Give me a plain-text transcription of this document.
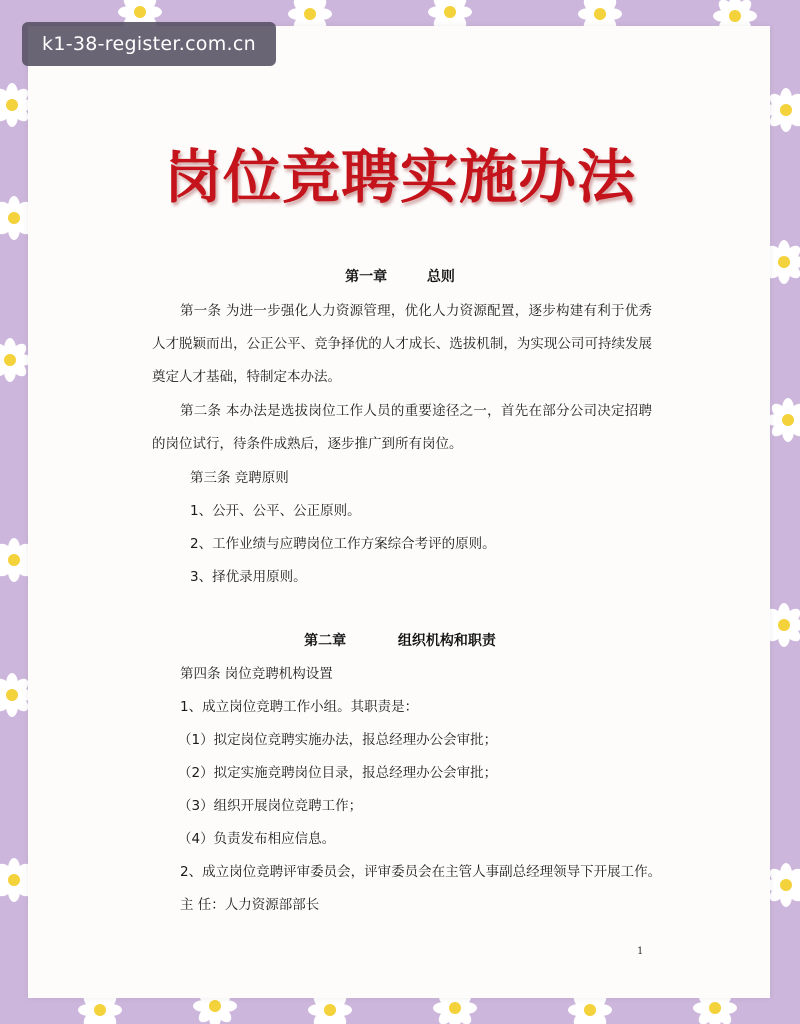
k1-38-register.com.cn
岗位竞聘实施办法
第一章	总则
第一条 为进一步强化人力资源管理，优化人力资源配置，逐步构建有利于优秀人才脱颖而出，公正公平、竞争择优的人才成长、选拔机制，为实现公司可持续发展奠定人才基础，特制定本办法。
第二条 本办法是选拔岗位工作人员的重要途径之一，首先在部分公司决定招聘的岗位试行，待条件成熟后，逐步推广到所有岗位。
第三条 竞聘原则
1、公开、公平、公正原则。
2、工作业绩与应聘岗位工作方案综合考评的原则。
3、择优录用原则。
第二章	组织机构和职责
第四条 岗位竞聘机构设置
1、成立岗位竞聘工作小组。其职责是：
（1）拟定岗位竞聘实施办法，报总经理办公会审批；
（2）拟定实施竞聘岗位目录，报总经理办公会审批；
（3）组织开展岗位竞聘工作；
（4）负责发布相应信息。
2、成立岗位竞聘评审委员会，评审委员会在主管人事副总经理领导下开展工作。
主 任：人力资源部部长
1
